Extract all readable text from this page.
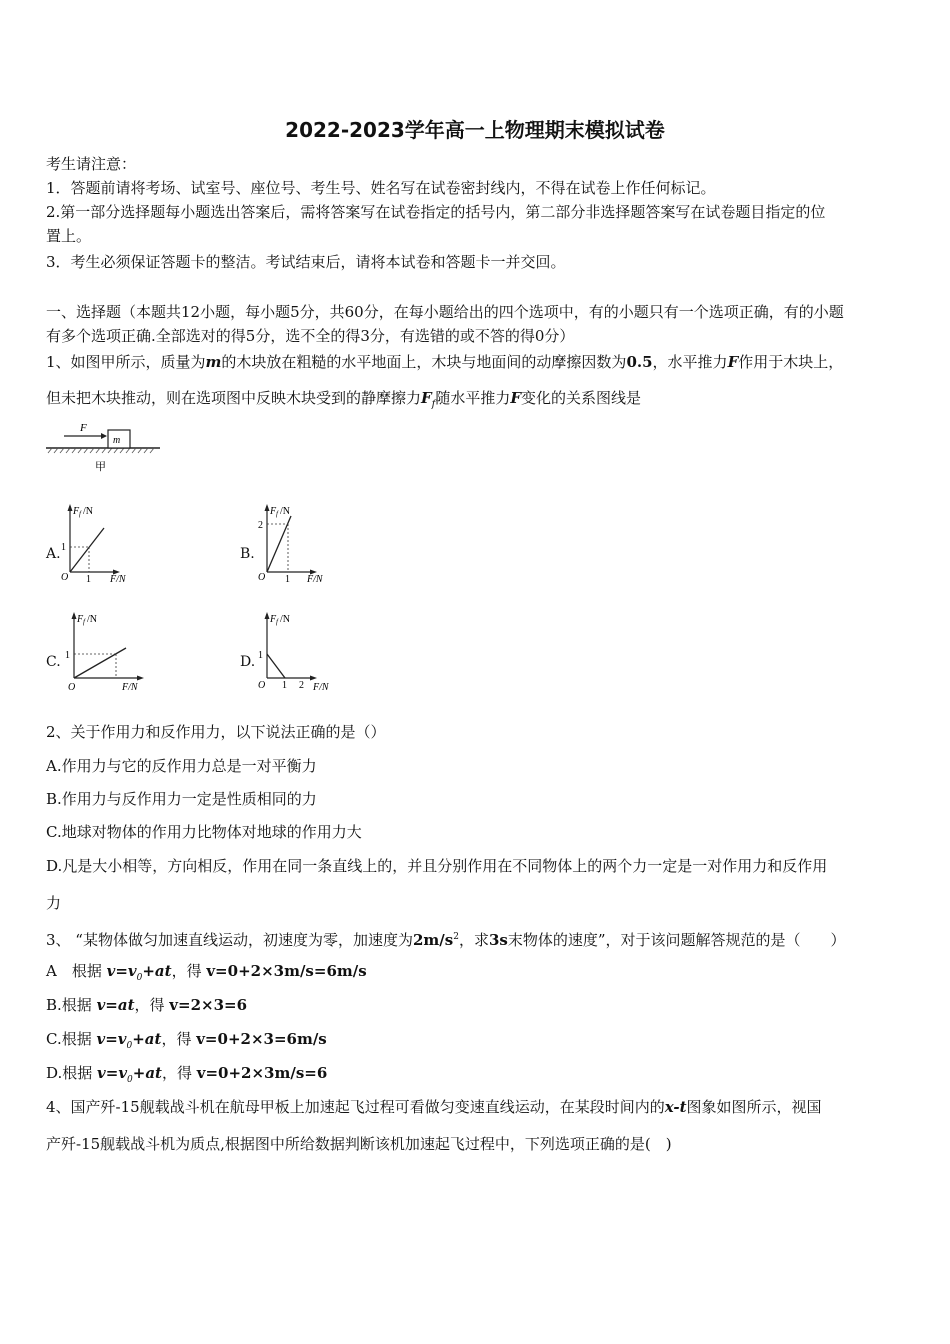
2022-2023学年高一上物理期末模拟试卷
考生请注意：
1．答题前请将考场、试室号、座位号、考生号、姓名写在试卷密封线内，不得在试卷上作任何标记。
2.第一部分选择题每小题选出答案后，需将答案写在试卷指定的括号内，第二部分非选择题答案写在试卷题目指定的位
置上。
3．考生必须保证答题卡的整洁。考试结束后，请将本试卷和答题卡一并交回。
一、选择题（本题共12小题，每小题5分，共60分，在每小题给出的四个选项中，有的小题只有一个选项正确，有的小题
有多个选项正确.全部选对的得5分，选不全的得3分，有选错的或不答的得0分）
1、如图甲所示，质量为m的木块放在粗糙的水平地面上，木块与地面间的动摩擦因数为0.5，水平推力F作用于木块上，
但未把木块推动，则在选项图中反映木块受到的静摩擦力$F_f$随水平推力F变化的关系图线是
F
m
甲
A.
F f /N
1
O 1 F/N
B.
F f /N
2
O 1 F/N
C.
F f /N
1
O	F/N
D.
F f /N
1
O 1 2 F/N
2、关于作用力和反作用力，以下说法正确的是（）
A.作用力与它的反作用力总是一对平衡力
B.作用力与反作用力一定是性质相同的力
C.地球对物体的作用力比物体对地球的作用力大
D.凡是大小相等，方向相反，作用在同一条直线上的，并且分别作用在不同物体上的两个力一定是一对作用力和反作用
力
3、 “某物体做匀加速直线运动，初速度为零，加速度为$2m/s^2$，求3s末物体的速度”，对于该问题解答规范的是（　　）
A　根据 $v=v_0+at$，得 v=0+2×3m/s=6m/s
B.根据 v=at，得 v=2×3=6
C.根据 $v=v_0+at$，得 v=0+2×3=6m/s
D.根据 $v=v_0+at$，得 v=0+2×3m/s=6
4、国产歼-15舰载战斗机在航母甲板上加速起飞过程可看做匀变速直线运动，在某段时间内的x-t图象如图所示，视国
产歼-15舰载战斗机为质点,根据图中所给数据判断该机加速起飞过程中，下列选项正确的是(　)
